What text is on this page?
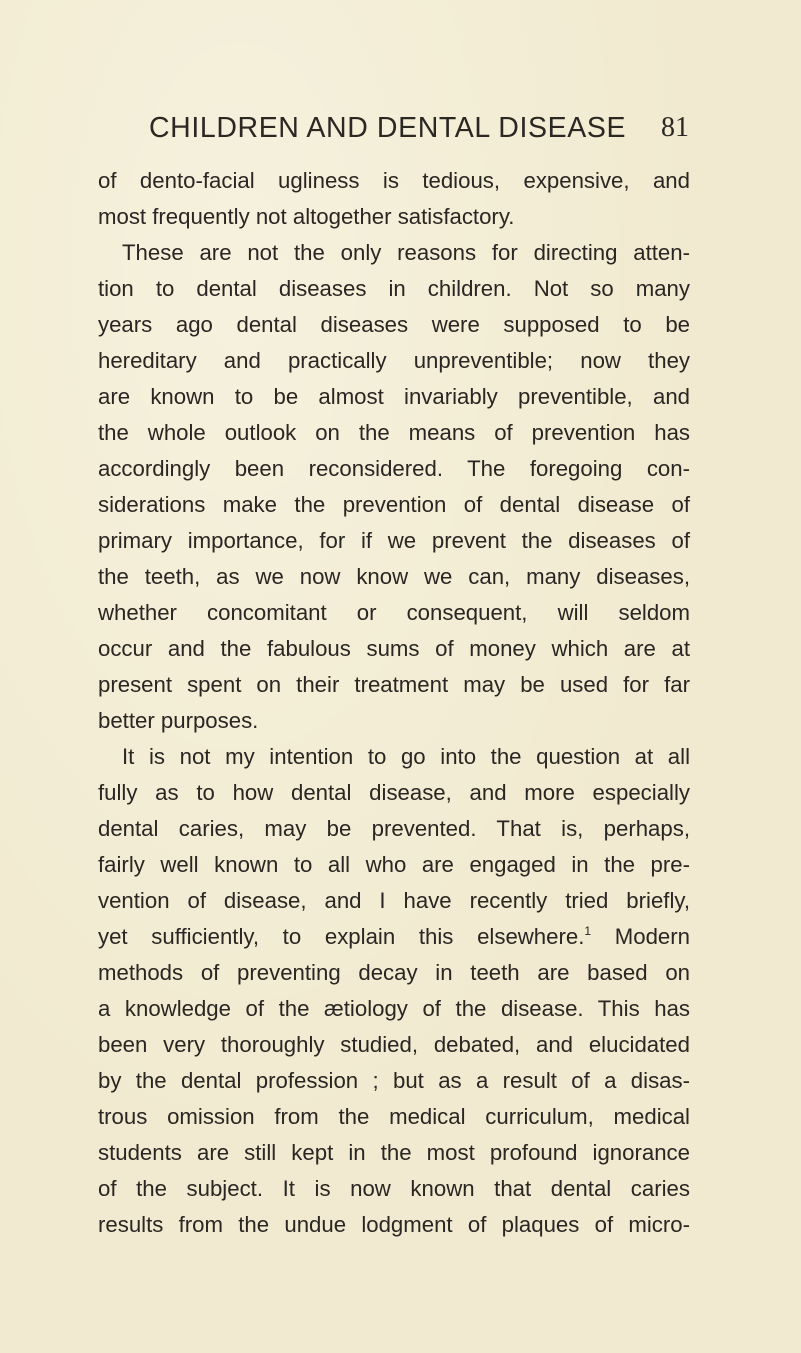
CHILDREN AND DENTAL DISEASE 81
of dento-facial ugliness is tedious, expensive, and
most frequently not altogether satisfactory.
These are not the only reasons for directing atten-
tion to dental diseases in children. Not so many
years ago dental diseases were supposed to be
hereditary and practically unpreventible; now they
are known to be almost invariably preventible, and
the whole outlook on the means of prevention has
accordingly been reconsidered. The foregoing con-
siderations make the prevention of dental disease of
primary importance, for if we prevent the diseases of
the teeth, as we now know we can, many diseases,
whether concomitant or consequent, will seldom
occur and the fabulous sums of money which are at
present spent on their treatment may be used for far
better purposes.
It is not my intention to go into the question at all
fully as to how dental disease, and more especially
dental caries, may be prevented. That is, perhaps,
fairly well known to all who are engaged in the pre-
vention of disease, and I have recently tried briefly,
yet sufficiently, to explain this elsewhere.$^1$ Modern
methods of preventing decay in teeth are based on
a knowledge of the ætiology of the disease. This has
been very thoroughly studied, debated, and elucidated
by the dental profession ; but as a result of a disas-
trous omission from the medical curriculum, medical
students are still kept in the most profound ignorance
of the subject. It is now known that dental caries
results from the undue lodgment of plaques of micro-
